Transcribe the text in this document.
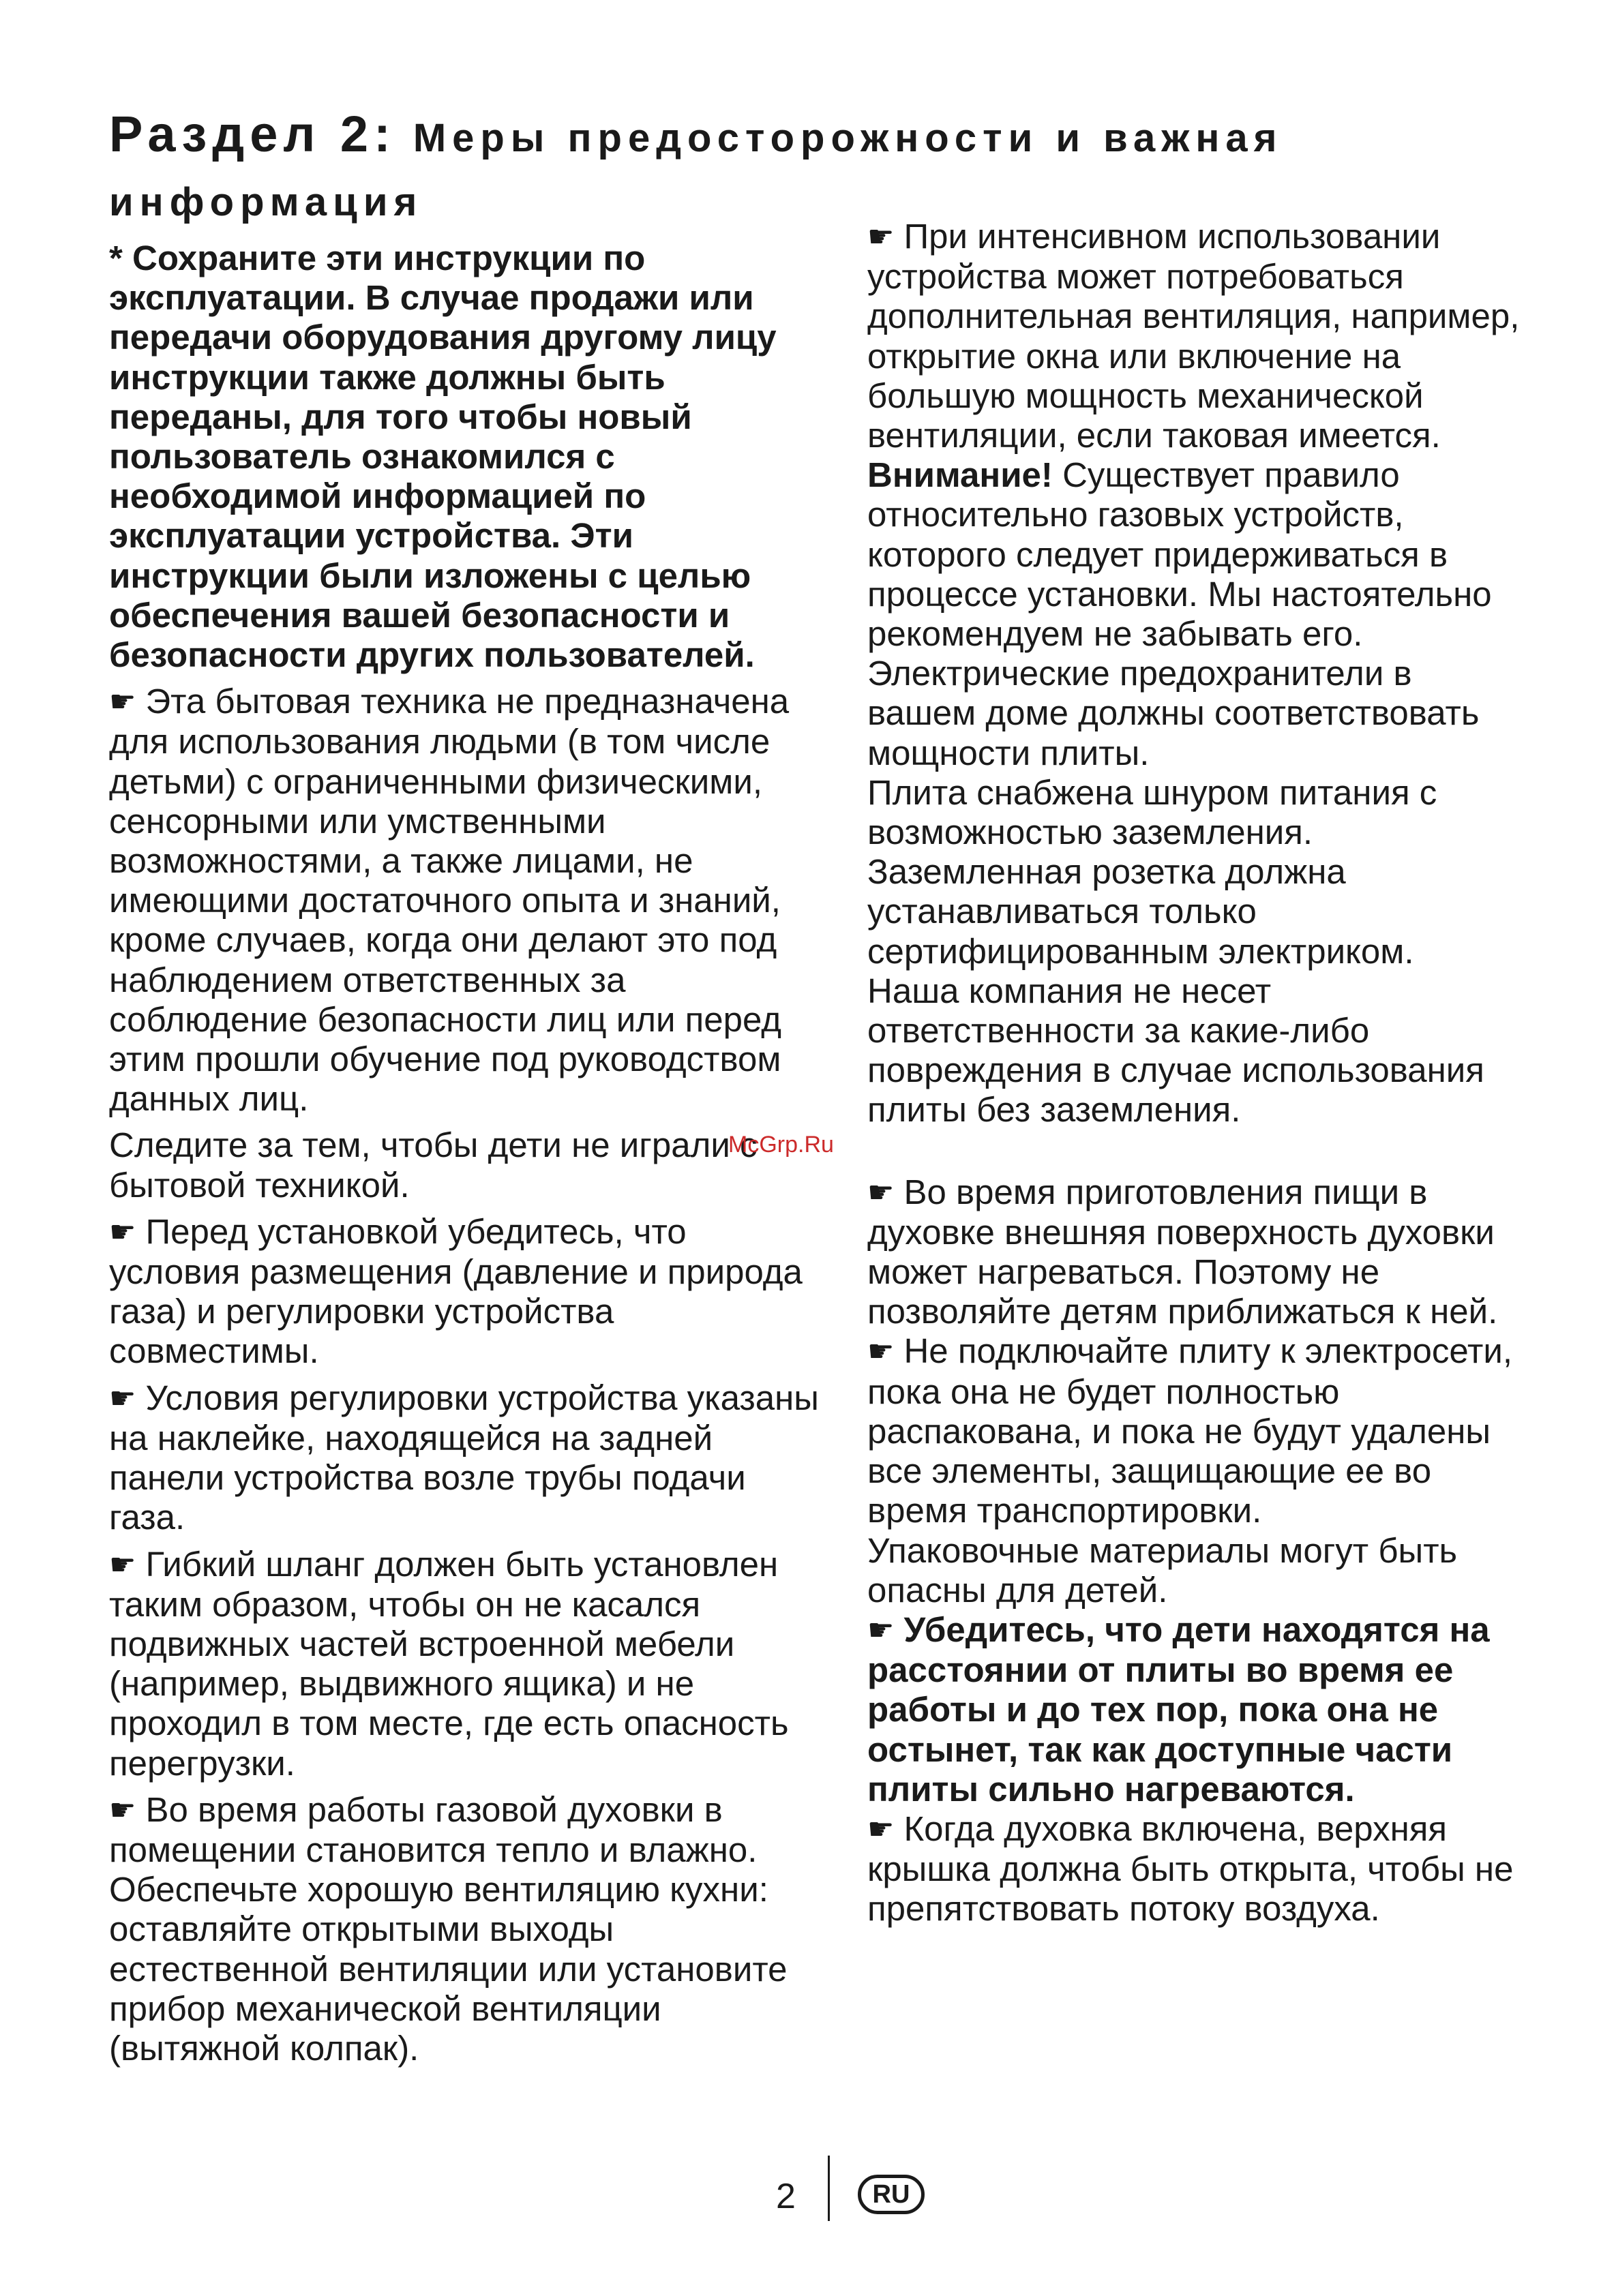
Раздел 2: Меры предосторожности и важная информация

* Сохраните эти инструкции по эксплуатации. В случае продажи или передачи оборудования другому лицу инструкции также должны быть переданы, для того чтобы новый пользователь ознакомился с необходимой информацией по эксплуатации устройства. Эти инструкции были изложены с целью обеспечения вашей безопасности и безопасности других пользователей.

☛ Эта бытовая техника не предназначена для использования людьми (в том числе детьми) с ограниченными физическими, сенсорными или умственными возможностями, а также лицами, не имеющими достаточного опыта и знаний, кроме случаев, когда они делают это под наблюдением ответственных за соблюдение безопасности лиц или перед этим прошли обучение под руководством данных лиц.

Следите за тем, чтобы дети не играли с бытовой техникой.

☛ Перед установкой убедитесь, что условия размещения (давление и природа газа) и регулировки устройства совместимы.

☛ Условия регулировки устройства указаны на наклейке, находящейся на задней панели устройства возле трубы подачи газа.

☛ Гибкий шланг должен быть установлен таким образом, чтобы он не касался подвижных частей встроенной мебели (например, выдвижного ящика) и не проходил в том месте, где есть опасность перегрузки.

☛ Во время работы газовой духовки в помещении становится тепло и влажно. Обеспечьте хорошую вентиляцию кухни: оставляйте открытыми выходы естественной вентиляции или установите прибор механической вентиляции (вытяжной колпак).

☛ При интенсивном использовании устройства может потребоваться дополнительная вентиляция, например, открытие окна или включение на большую мощность механической вентиляции, если таковая имеется.

Внимание! Существует правило относительно газовых устройств, которого следует придерживаться в процессе установки. Мы настоятельно рекомендуем не забывать его.

Электрические предохранители в вашем доме должны соответствовать мощности плиты.

Плита снабжена шнуром питания с возможностью заземления.

Заземленная розетка должна устанавливаться только сертифицированным электриком.

Наша компания не несет ответственности за какие-либо повреждения в случае использования плиты без заземления.

☛ Во время приготовления пищи в духовке внешняя поверхность духовки может нагреваться. Поэтому не позволяйте детям приближаться к ней.

☛ Не подключайте плиту к электросети, пока она не будет полностью распакована, и пока не будут удалены все элементы, защищающие ее во время транспортировки.

Упаковочные материалы могут быть опасны для детей.

☛ Убедитесь, что дети находятся на расстоянии от плиты во время ее работы и до тех пор, пока она не остынет, так как доступные части плиты сильно нагреваются.

☛ Когда духовка включена, верхняя крышка должна быть открыта, чтобы не препятствовать потоку воздуха.

McGrp.Ru
2	RU
